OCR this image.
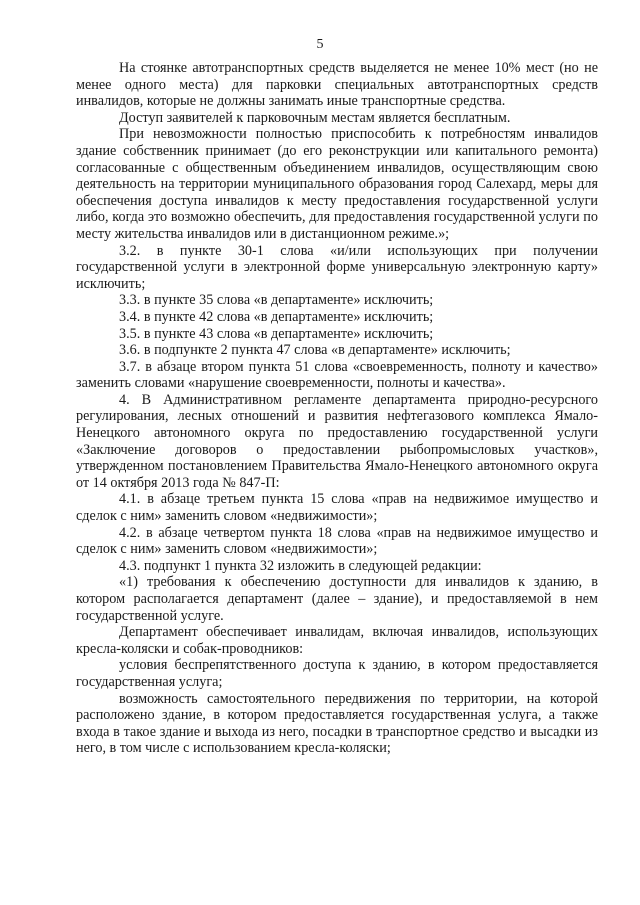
5

На стоянке автотранспортных средств выделяется не менее 10% мест (но не менее одного места) для парковки специальных автотранспортных средств инвалидов, которые не должны занимать иные транспортные средства.

Доступ заявителей к парковочным местам является бесплатным.

При невозможности полностью приспособить к потребностям инвалидов здание собственник принимает (до его реконструкции или капитального ремонта) согласованные с общественным объединением инвалидов, осуществляющим свою деятельность на территории муниципального образования город Салехард, меры для обеспечения доступа инвалидов к месту предоставления государственной услуги либо, когда это возможно обеспечить, для предоставления государственной услуги по месту жительства инвалидов или в дистанционном режиме.»;

3.2. в пункте 30-1 слова «и/или использующих при получении государственной услуги в электронной форме универсальную электронную карту» исключить;

3.3. в пункте 35 слова «в департаменте» исключить;

3.4. в пункте 42 слова «в департаменте» исключить;

3.5. в пункте 43 слова «в департаменте» исключить;

3.6. в подпункте 2 пункта 47 слова «в департаменте» исключить;

3.7. в абзаце втором пункта 51 слова «своевременность, полноту и качество» заменить словами «нарушение своевременности, полноты и качества».

4. В Административном регламенте департамента природно-ресурсного регулирования, лесных отношений и развития нефтегазового комплекса Ямало-Ненецкого автономного округа по предоставлению государственной услуги «Заключение договоров о предоставлении рыбопромысловых участков», утвержденном постановлением Правительства Ямало-Ненецкого автономного округа от 14 октября 2013 года № 847-П:

4.1. в абзаце третьем пункта 15 слова «прав на недвижимое имущество и сделок с ним» заменить словом «недвижимости»;

4.2. в абзаце четвертом пункта 18 слова «прав на недвижимое имущество и сделок с ним» заменить словом «недвижимости»;

4.3. подпункт 1 пункта 32 изложить в следующей редакции:

«1) требования к обеспечению доступности для инвалидов к зданию, в котором располагается департамент (далее – здание), и предоставляемой в нем государственной услуге.

Департамент обеспечивает инвалидам, включая инвалидов, использующих кресла-коляски и собак-проводников:

условия беспрепятственного доступа к зданию, в котором предоставляется государственная услуга;

возможность самостоятельного передвижения по территории, на которой расположено здание, в котором предоставляется государственная услуга, а также входа в такое здание и выхода из него, посадки в транспортное средство и высадки из него, в том числе с использованием кресла-коляски;
